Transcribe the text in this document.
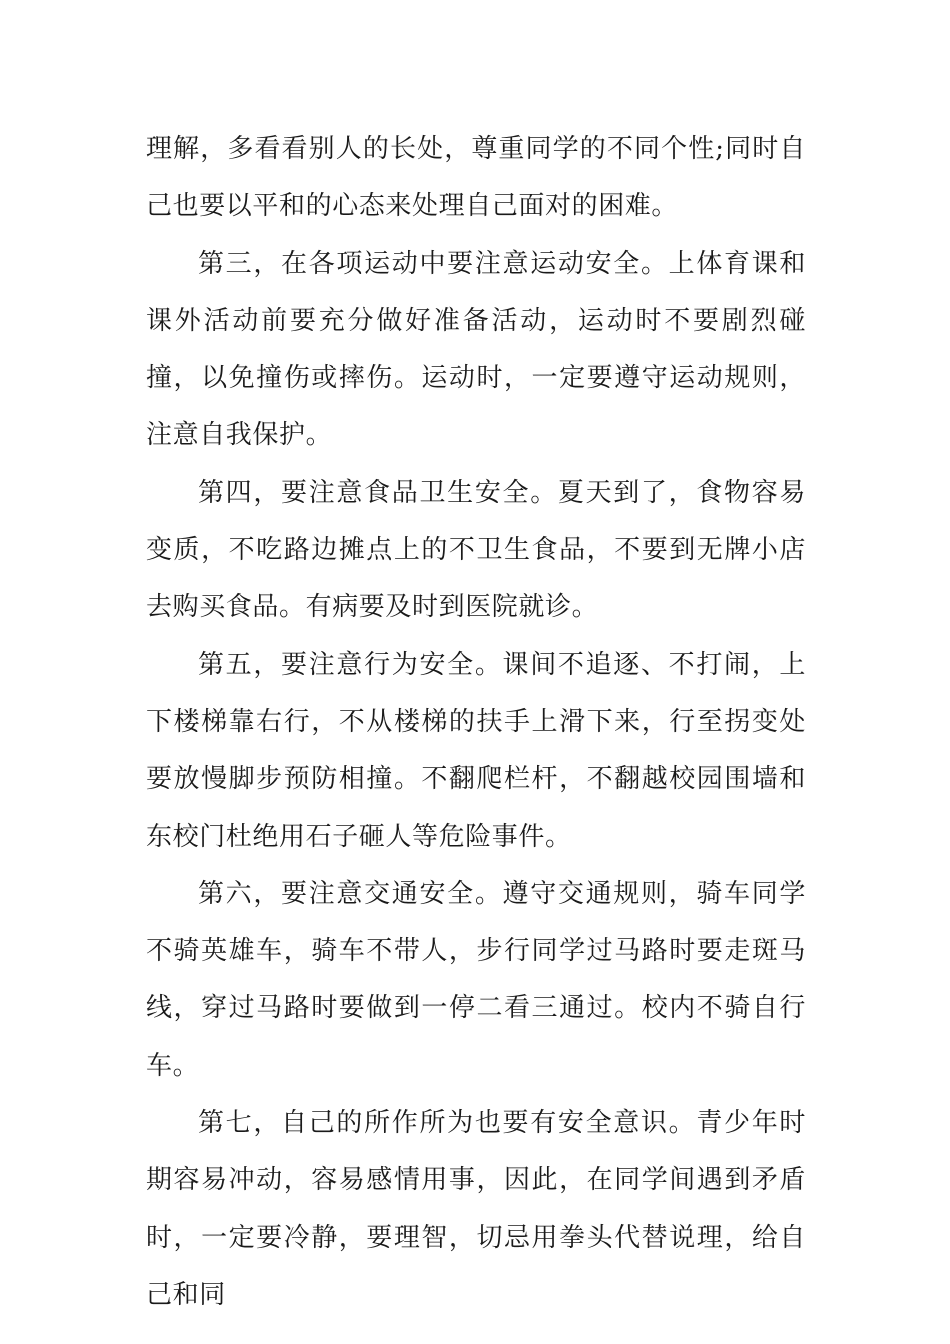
理解，多看看别人的长处，尊重同学的不同个性;同时自己也要以平和的心态来处理自己面对的困难。

第三，在各项运动中要注意运动安全。上体育课和课外活动前要充分做好准备活动，运动时不要剧烈碰撞，以免撞伤或摔伤。运动时，一定要遵守运动规则，注意自我保护。

第四，要注意食品卫生安全。夏天到了，食物容易变质，不吃路边摊点上的不卫生食品，不要到无牌小店去购买食品。有病要及时到医院就诊。

第五，要注意行为安全。课间不追逐、不打闹，上下楼梯靠右行，不从楼梯的扶手上滑下来，行至拐变处要放慢脚步预防相撞。不翻爬栏杆，不翻越校园围墙和东校门杜绝用石子砸人等危险事件。

第六，要注意交通安全。遵守交通规则，骑车同学不骑英雄车，骑车不带人，步行同学过马路时要走斑马线，穿过马路时要做到一停二看三通过。校内不骑自行车。

第七，自己的所作所为也要有安全意识。青少年时期容易冲动，容易感情用事，因此，在同学间遇到矛盾时，一定要冷静，要理智，切忌用拳头代替说理，给自己和同
